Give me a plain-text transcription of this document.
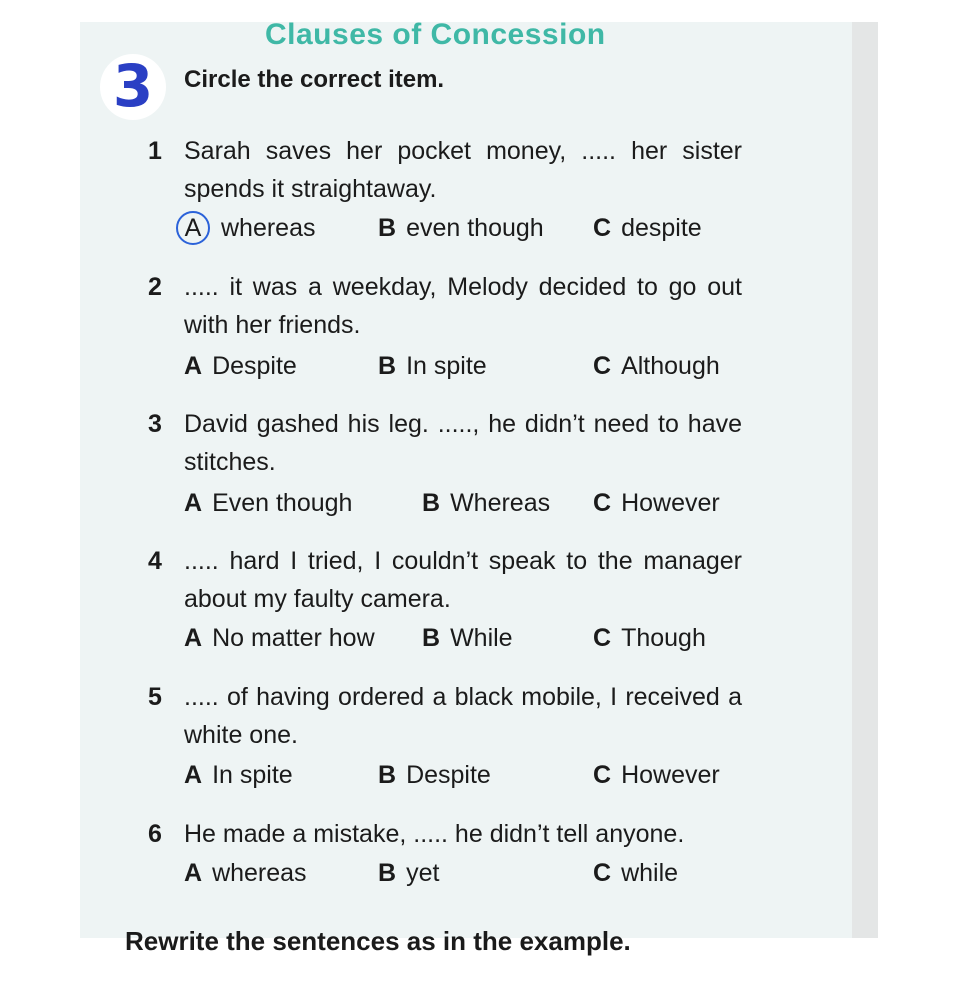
Clauses of Concession
3	Circle the correct item.

1 Sarah saves her pocket money, ..... her sister spends it straightaway.

A whereas	B even though C despite
2 ..... it was a weekday, Melody decided to go out with her friends.

A Despite	B In spite	C Although
3 David gashed his leg. ....., he didn’t need to have stitches.

A Even though	B Whereas C However
4 ..... hard I tried, I couldn’t speak to the manager about my faulty camera.

A No matter how B While	C Though
5 ..... of having ordered a black mobile, I received a white one.

A In spite	B Despite	C However
6 He made a mistake, ..... he didn’t tell anyone.

A whereas	B yet	C while

Rewrite the sentences as in the example.
